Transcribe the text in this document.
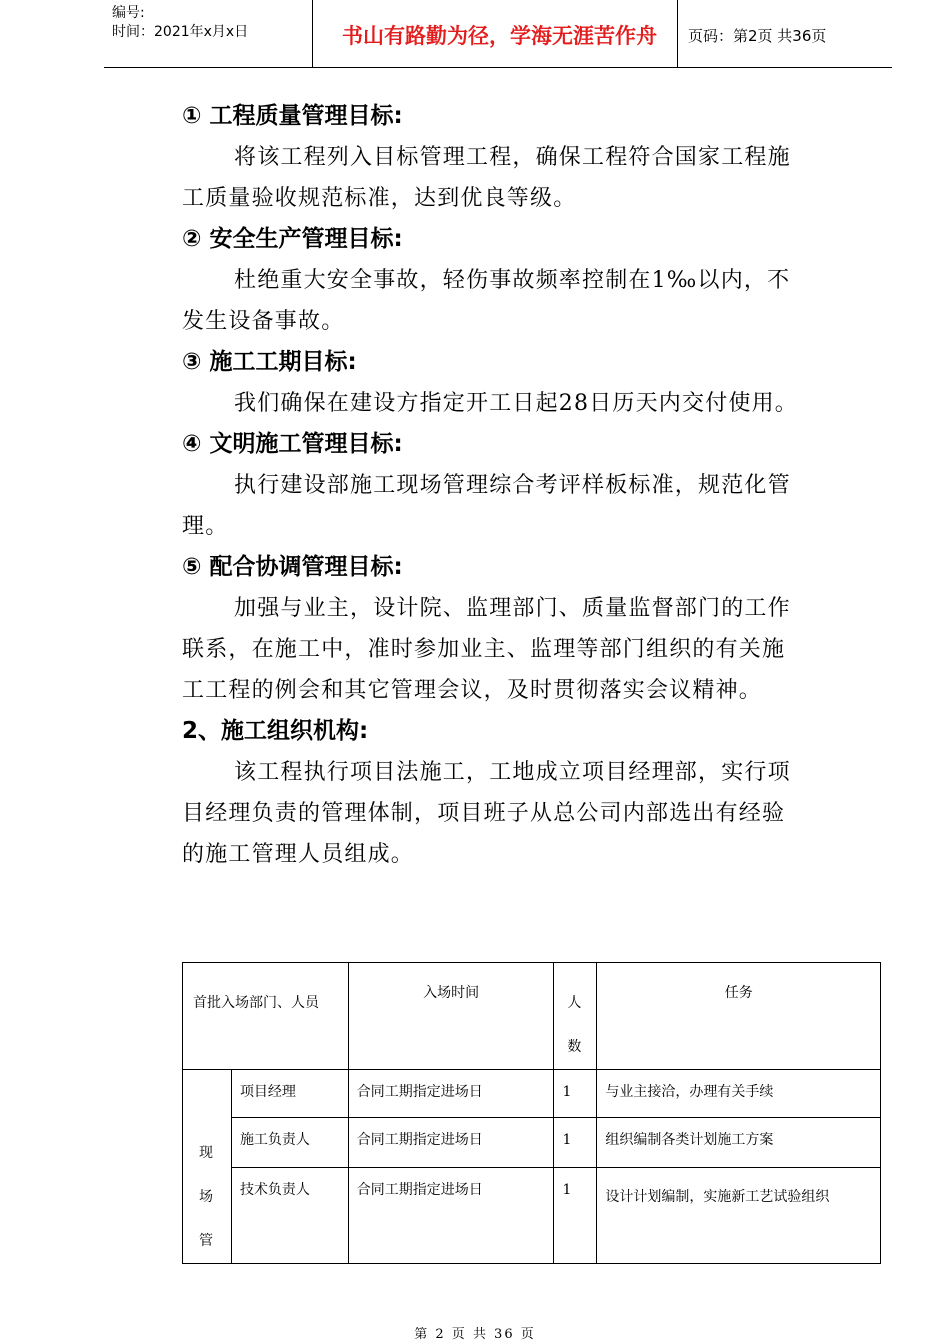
编号:
时间：2021年x月x日	书山有路勤为径，学海无涯苦作舟	页码：第2页 共36页
① 工程质量管理目标:

将该工程列入目标管理工程，确保工程符合国家工程施工质量验收规范标准，达到优良等级。

② 安全生产管理目标:

杜绝重大安全事故，轻伤事故频率控制在1‰以内，不发生设备事故。

③ 施工工期目标:

我们确保在建设方指定开工日起28日历天内交付使用。

④ 文明施工管理目标:

执行建设部施工现场管理综合考评样板标准，规范化管理。

⑤ 配合协调管理目标:

加强与业主，设计院、监理部门、质量监督部门的工作联系，在施工中，准时参加业主、监理等部门组织的有关施工工程的例会和其它管理会议，及时贯彻落实会议精神。

2、施工组织机构:

该工程执行项目法施工，工地成立项目经理部，实行项目经理负责的管理体制，项目班子从总公司内部选出有经验的施工管理人员组成。

首批入场部门、人员		入场时间	人数	任务

现场管	项目经理	合同工期指定进场日	1	与业主接洽，办理有关手续

	施工负责人	合同工期指定进场日	1	组织编制各类计划施工方案

	技术负责人	合同工期指定进场日	1	设计计划编制，实施新工艺试验组织
第 2 页 共 36 页
